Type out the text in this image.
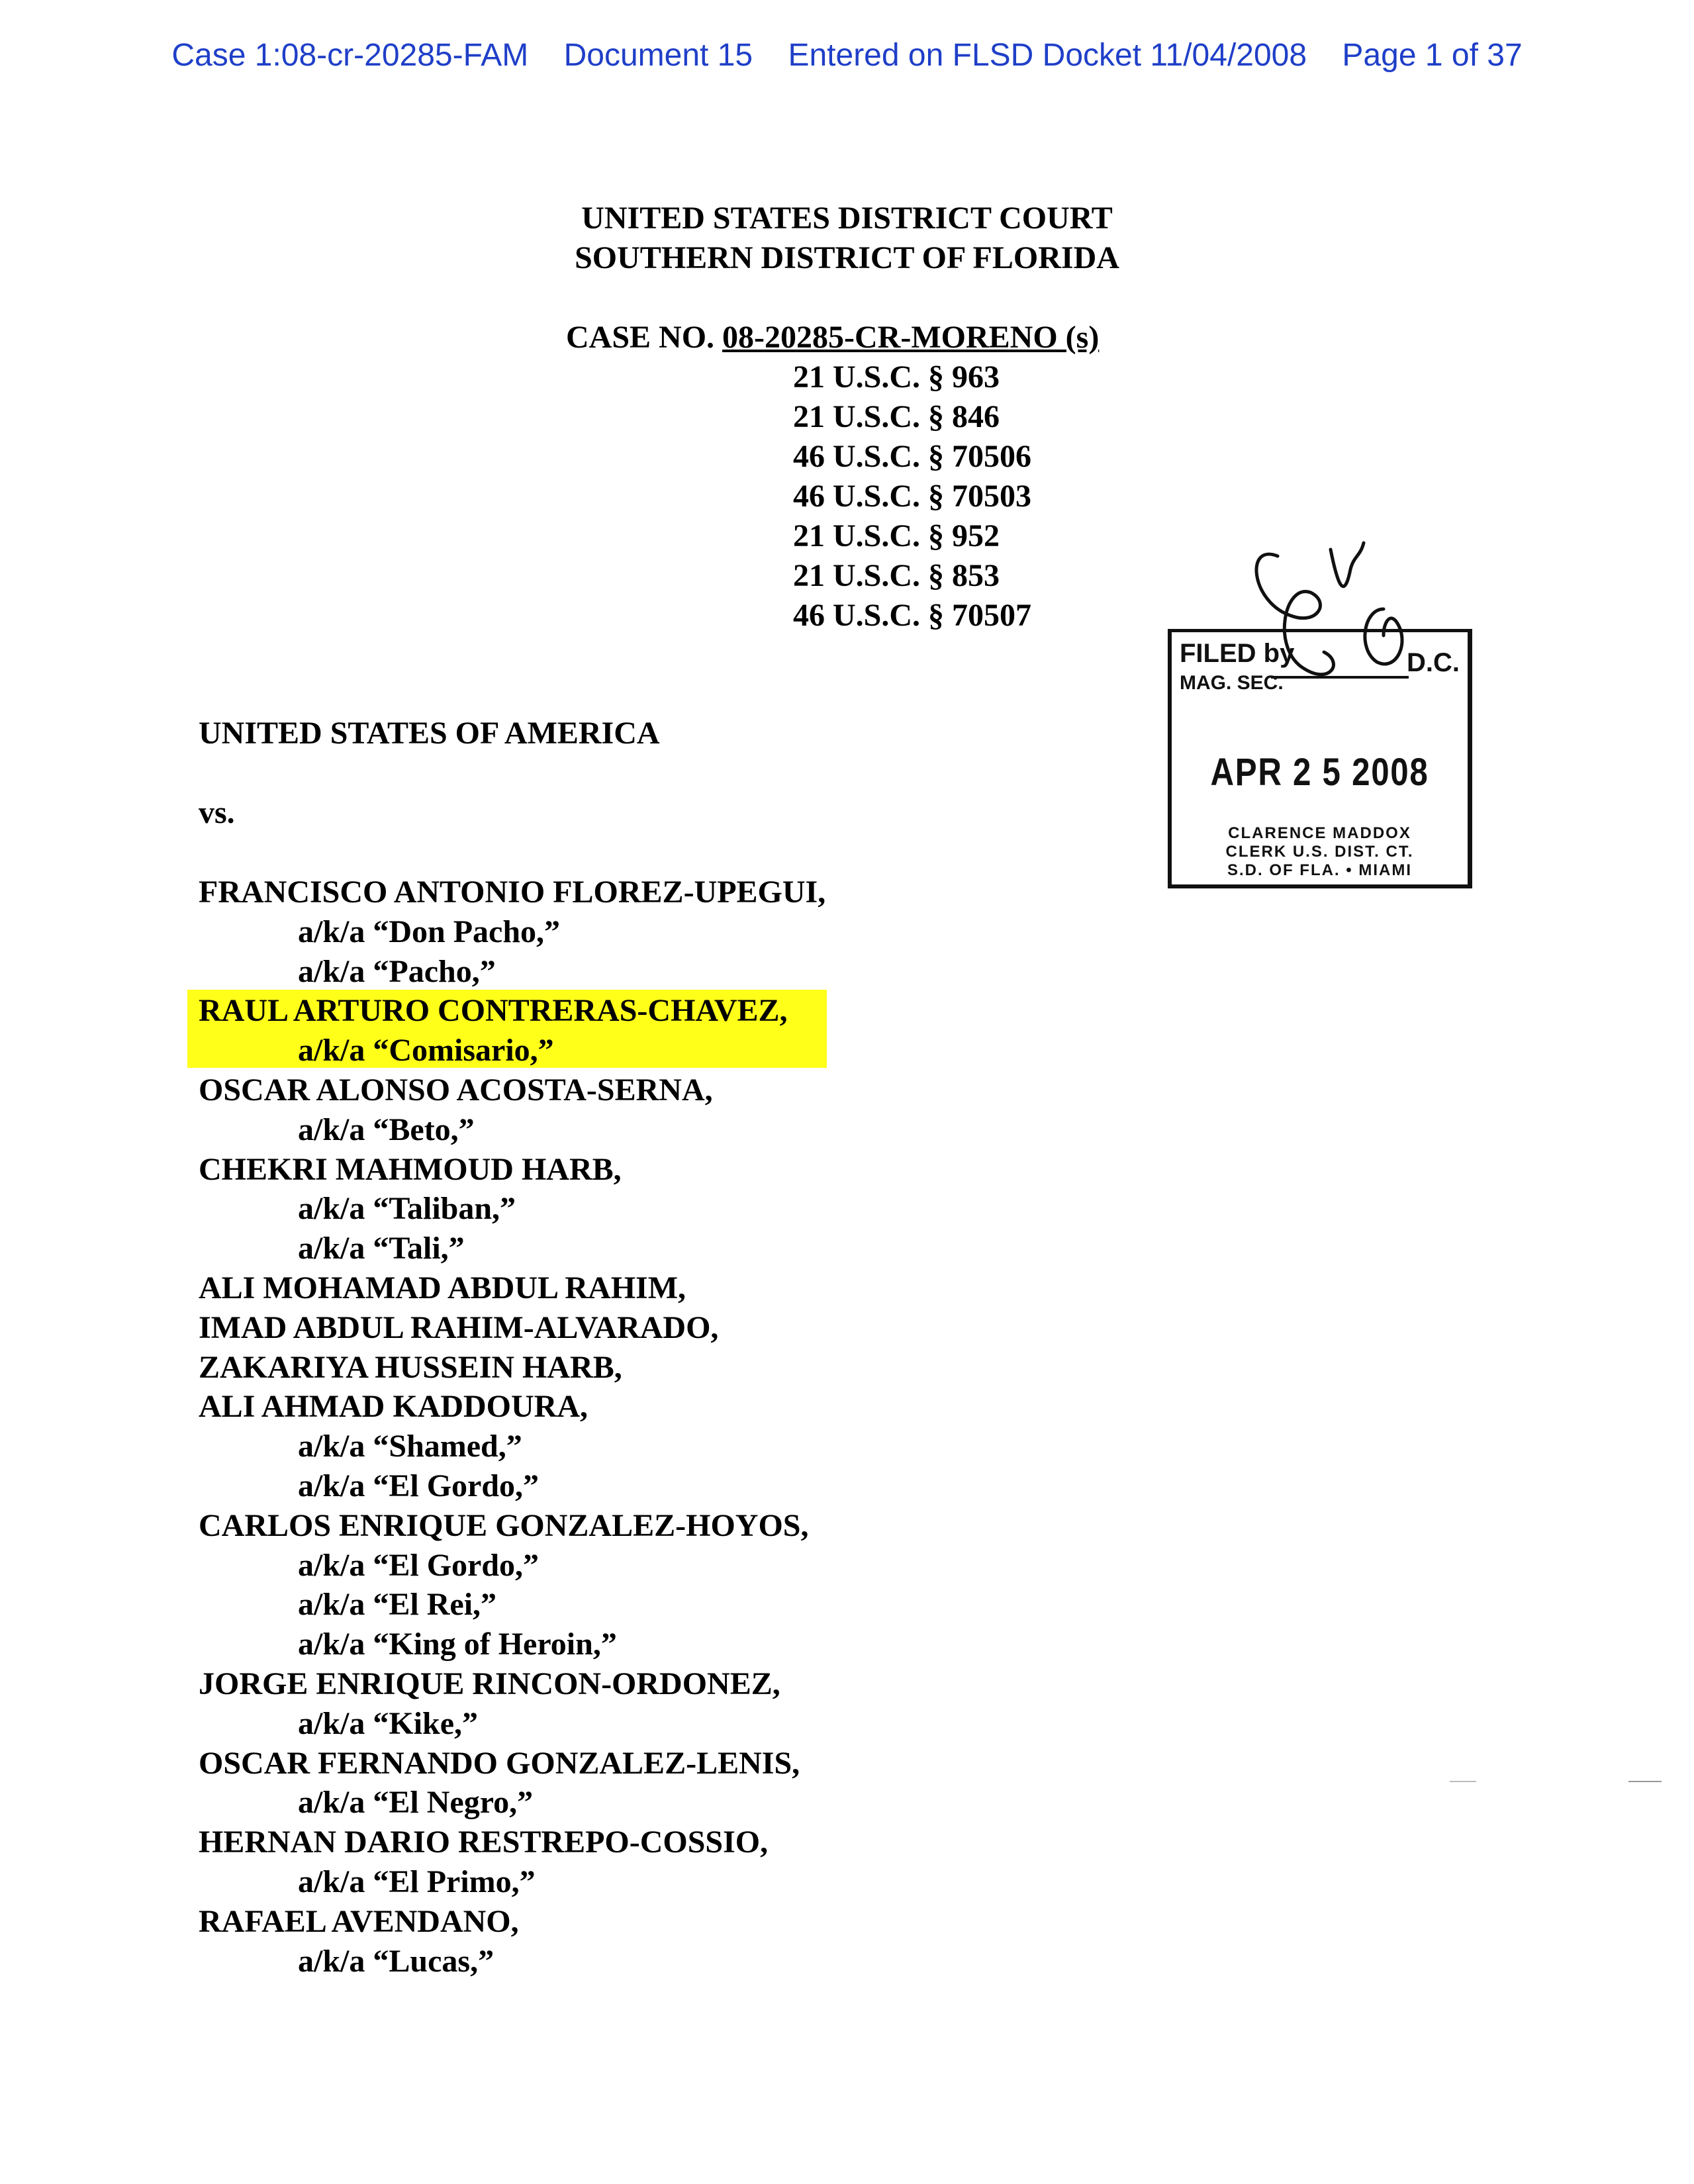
Case 1:08-cr-20285-FAM Document 15 Entered on FLSD Docket 11/04/2008 Page 1 of 37
UNITED STATES DISTRICT COURT
SOUTHERN DISTRICT OF FLORIDA
CASE NO. 08-20285-CR-MORENO (s)
21 U.S.C. § 963
21 U.S.C. § 846
46 U.S.C. § 70506
46 U.S.C. § 70503
21 U.S.C. § 952
21 U.S.C. § 853
46 U.S.C. § 70507
FILED by	D.C.
MAG. SEC.
APR 2 5 2008
CLARENCE MADDOX
CLERK U.S. DIST. CT.
S.D. OF FLA. • MIAMI
UNITED STATES OF AMERICA
vs.
FRANCISCO ANTONIO FLOREZ-UPEGUI,
a/k/a “Don Pacho,”
a/k/a “Pacho,”
RAUL ARTURO CONTRERAS-CHAVEZ,
a/k/a “Comisario,”
OSCAR ALONSO ACOSTA-SERNA,
a/k/a “Beto,”
CHEKRI MAHMOUD HARB,
a/k/a “Taliban,”
a/k/a “Tali,”
ALI MOHAMAD ABDUL RAHIM,
IMAD ABDUL RAHIM-ALVARADO,
ZAKARIYA HUSSEIN HARB,
ALI AHMAD KADDOURA,
a/k/a “Shamed,”
a/k/a “El Gordo,”
CARLOS ENRIQUE GONZALEZ-HOYOS,
a/k/a “El Gordo,”
a/k/a “El Rei,”
a/k/a “King of Heroin,”
JORGE ENRIQUE RINCON-ORDONEZ,
a/k/a “Kike,”
OSCAR FERNANDO GONZALEZ-LENIS,
a/k/a “El Negro,”
HERNAN DARIO RESTREPO-COSSIO,
a/k/a “El Primo,”
RAFAEL AVENDANO,
a/k/a “Lucas,”
